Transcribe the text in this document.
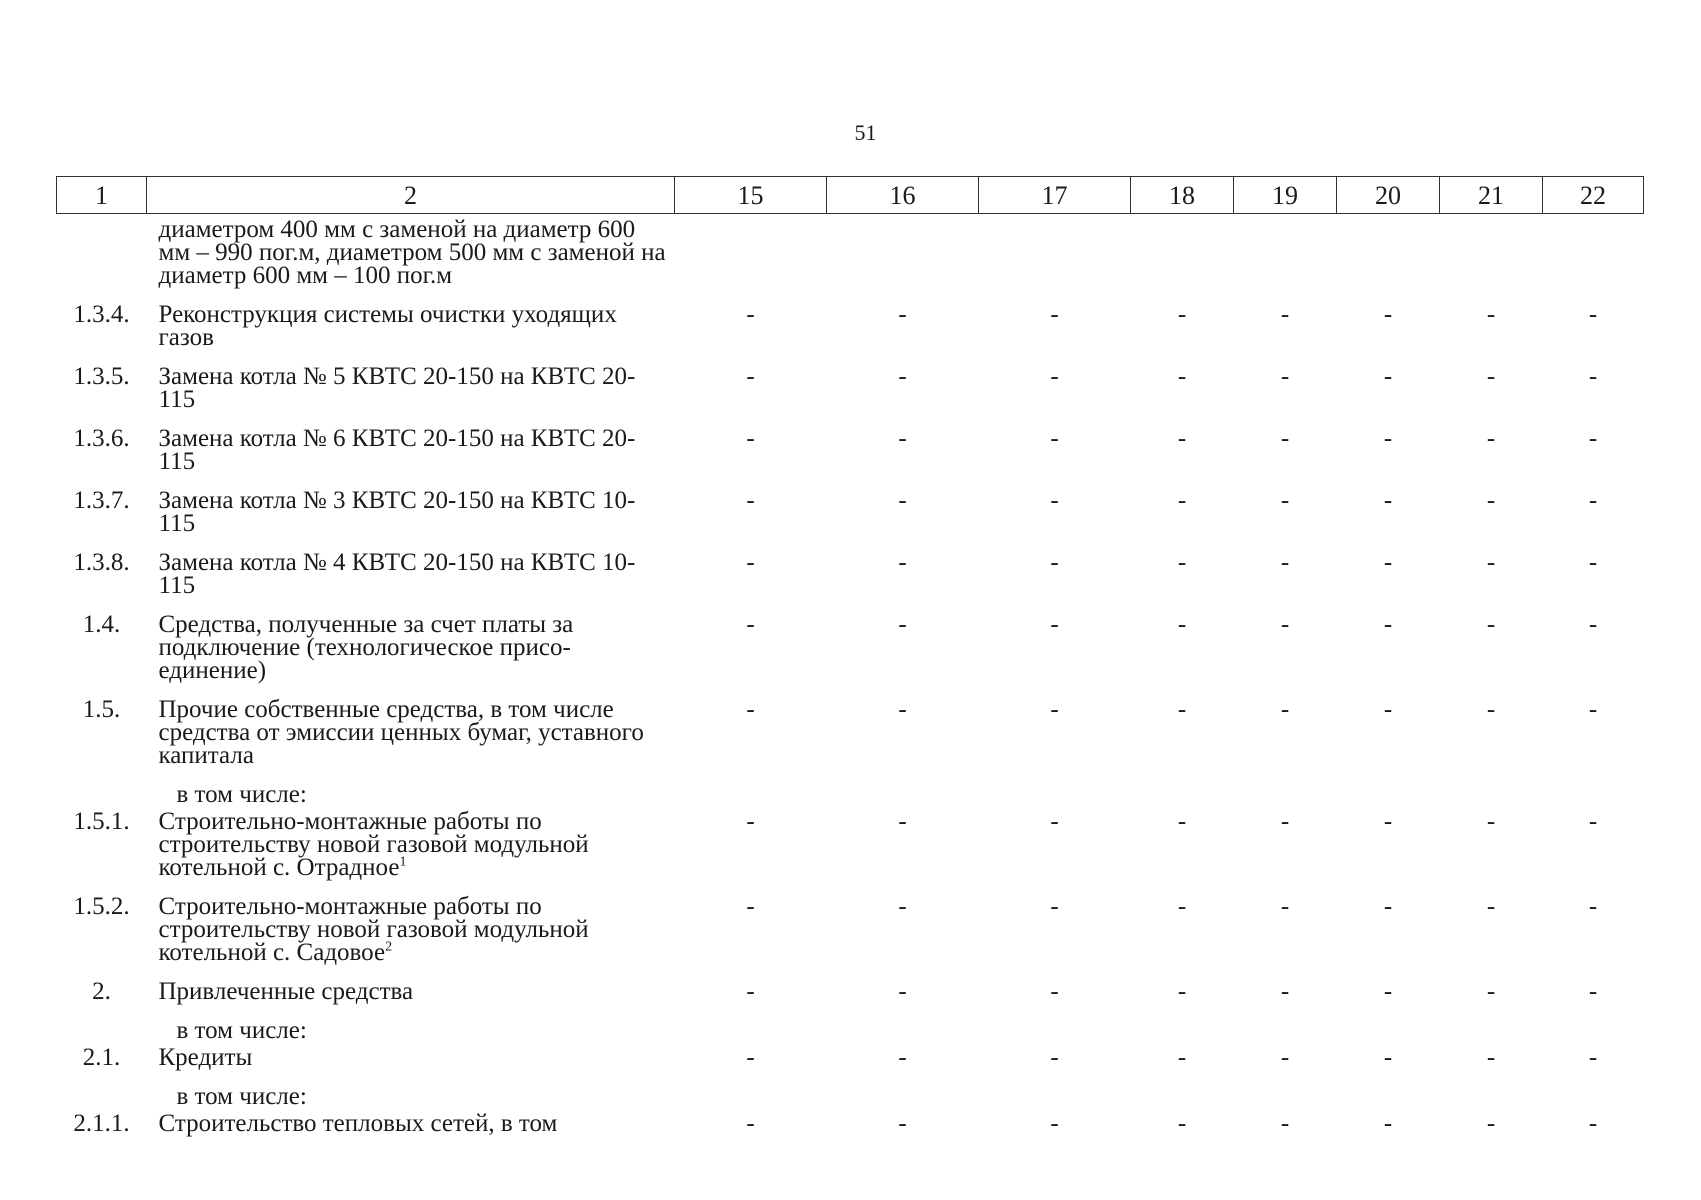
51
1	2	15	16	17	18	19	20	21	22
	диаметром 400 мм с заменой на диаметр 600 мм – 990 пог.м, диаметром 500 мм с заменой на диаметр 600 мм – 100 пог.м								
1.3.4.	Реконструкция системы очистки уходящих газов	-	-	-	-	-	-	-	-
1.3.5.	Замена котла № 5 КВТС 20-150 на КВТС 20-115	-	-	-	-	-	-	-	-
1.3.6.	Замена котла № 6 КВТС 20-150 на КВТС 20-115	-	-	-	-	-	-	-	-
1.3.7.	Замена котла № 3 КВТС 20-150 на КВТС 10-115	-	-	-	-	-	-	-	-
1.3.8.	Замена котла № 4 КВТС 20-150 на КВТС 10-115	-	-	-	-	-	-	-	-
1.4.	Средства, полученные за счет платы за подключение (технологическое присо-единение)	-	-	-	-	-	-	-	-
1.5.	Прочие собственные средства, в том числе средства от эмиссии ценных бумаг, уставного капитала	-	-	-	-	-	-	-	-
	в том числе:								
1.5.1.	Строительно-монтажные работы по строительству новой газовой модульной котельной с. Отрадное$^1$	-	-	-	-	-	-	-	-
1.5.2.	Строительно-монтажные работы по строительству новой газовой модульной котельной с. Садовое$^2$	-	-	-	-	-	-	-	-
2.	Привлеченные средства	-	-	-	-	-	-	-	-
	в том числе:								
2.1.	Кредиты	-	-	-	-	-	-	-	-
	в том числе:								
2.1.1.	Строительство тепловых сетей, в том	-	-	-	-	-	-	-	-
